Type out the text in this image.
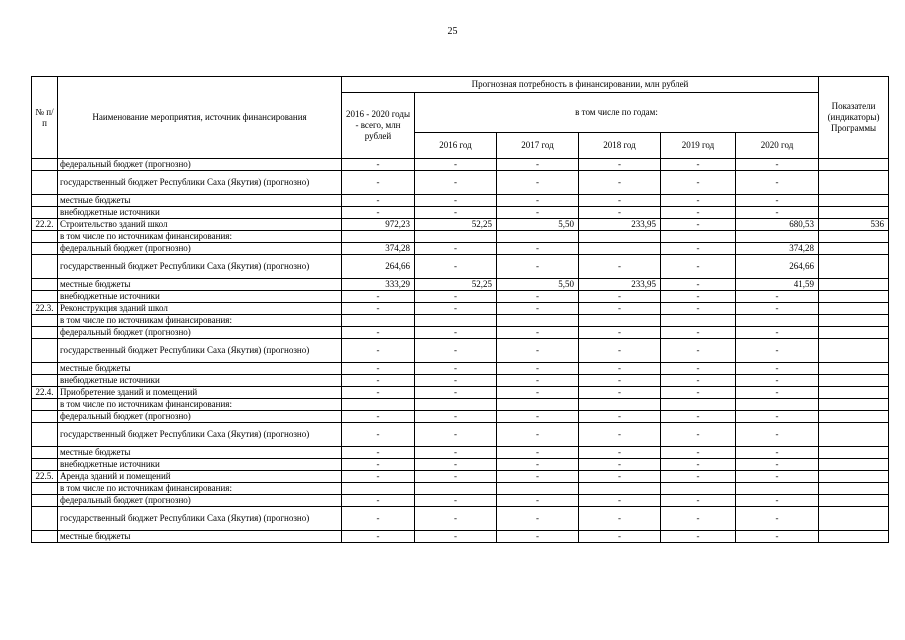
25
№ п/п	Наименование мероприятия, источник финансирования	Прогнозная потребность в финансировании, млн рублей						Показатели (индикаторы) Программы
		2016 - 2020 годы - всего, млн рублей	в том числе по годам:					
			2016 год	2017 год	2018 год	2019 год	2020 год	
	федеральный бюджет (прогнозно)	-	-	-	-	-	-	
	государственный бюджет Республики Саха (Якутия) (прогнозно)	-	-	-	-	-	-	
	местные бюджеты	-	-	-	-	-	-	
	внебюджетные источники	-	-	-	-	-	-	
22.2.	Строительство зданий школ	972,23	52,25	5,50	233,95	-	680,53	536
	в том числе по источникам финансирования:							
	федеральный бюджет (прогнозно)	374,28	-	-		-	374,28	
	государственный бюджет Республики Саха (Якутия) (прогнозно)	264,66	-	-	-	-	264,66	
	местные бюджеты	333,29	52,25	5,50	233,95	-	41,59	
	внебюджетные источники	-	-	-	-	-	-	
22.3.	Реконструкция зданий школ	-	-	-	-	-	-	
	в том числе по источникам финансирования:							
	федеральный бюджет (прогнозно)	-	-	-	-	-	-	
	государственный бюджет Республики Саха (Якутия) (прогнозно)	-	-	-	-	-	-	
	местные бюджеты	-	-	-	-	-	-	
	внебюджетные источники	-	-	-	-	-	-	
22.4.	Приобретение зданий и помещений	-	-	-	-	-	-	
	в том числе по источникам финансирования:							
	федеральный бюджет (прогнозно)	-	-	-	-	-	-	
	государственный бюджет Республики Саха (Якутия) (прогнозно)	-	-	-	-	-	-	
	местные бюджеты	-	-	-	-	-	-	
	внебюджетные источники	-	-	-	-	-	-	
22.5.	Аренда зданий и помещений	-	-	-	-	-	-	
	в том числе по источникам финансирования:							
	федеральный бюджет (прогнозно)	-	-	-	-	-	-	
	государственный бюджет Республики Саха (Якутия) (прогнозно)	-	-	-	-	-	-	
	местные бюджеты	-	-	-	-	-	-	
